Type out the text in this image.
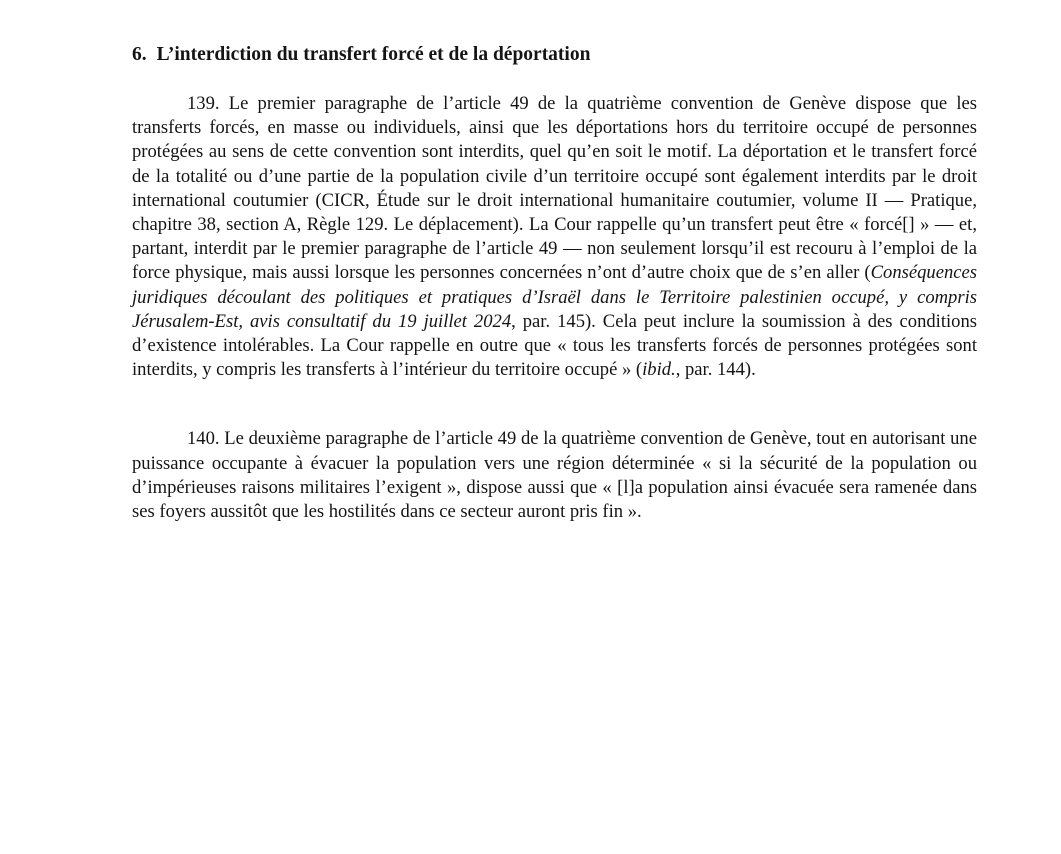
6. L’interdiction du transfert forcé et de la déportation

139. Le premier paragraphe de l’article 49 de la quatrième convention de Genève dispose que les transferts forcés, en masse ou individuels, ainsi que les déportations hors du territoire occupé de personnes protégées au sens de cette convention sont interdits, quel qu’en soit le motif. La déportation et le transfert forcé de la totalité ou d’une partie de la population civile d’un territoire occupé sont également interdits par le droit international coutumier (CICR, Étude sur le droit international humanitaire coutumier, volume II — Pratique, chapitre 38, section A, Règle 129. Le déplacement). La Cour rappelle qu’un transfert peut être « forcé[] » — et, partant, interdit par le premier paragraphe de l’article 49 — non seulement lorsqu’il est recouru à l’emploi de la force physique, mais aussi lorsque les personnes concernées n’ont d’autre choix que de s’en aller (Conséquences juridiques découlant des politiques et pratiques d’Israël dans le Territoire palestinien occupé, y compris Jérusalem-Est, avis consultatif du 19 juillet 2024, par. 145). Cela peut inclure la soumission à des conditions d’existence intolérables. La Cour rappelle en outre que « tous les transferts forcés de personnes protégées sont interdits, y compris les transferts à l’intérieur du territoire occupé » (ibid., par. 144).

140. Le deuxième paragraphe de l’article 49 de la quatrième convention de Genève, tout en autorisant une puissance occupante à évacuer la population vers une région déterminée « si la sécurité de la population ou d’impérieuses raisons militaires l’exigent », dispose aussi que « [l]a population ainsi évacuée sera ramenée dans ses foyers aussitôt que les hostilités dans ce secteur auront pris fin ».
